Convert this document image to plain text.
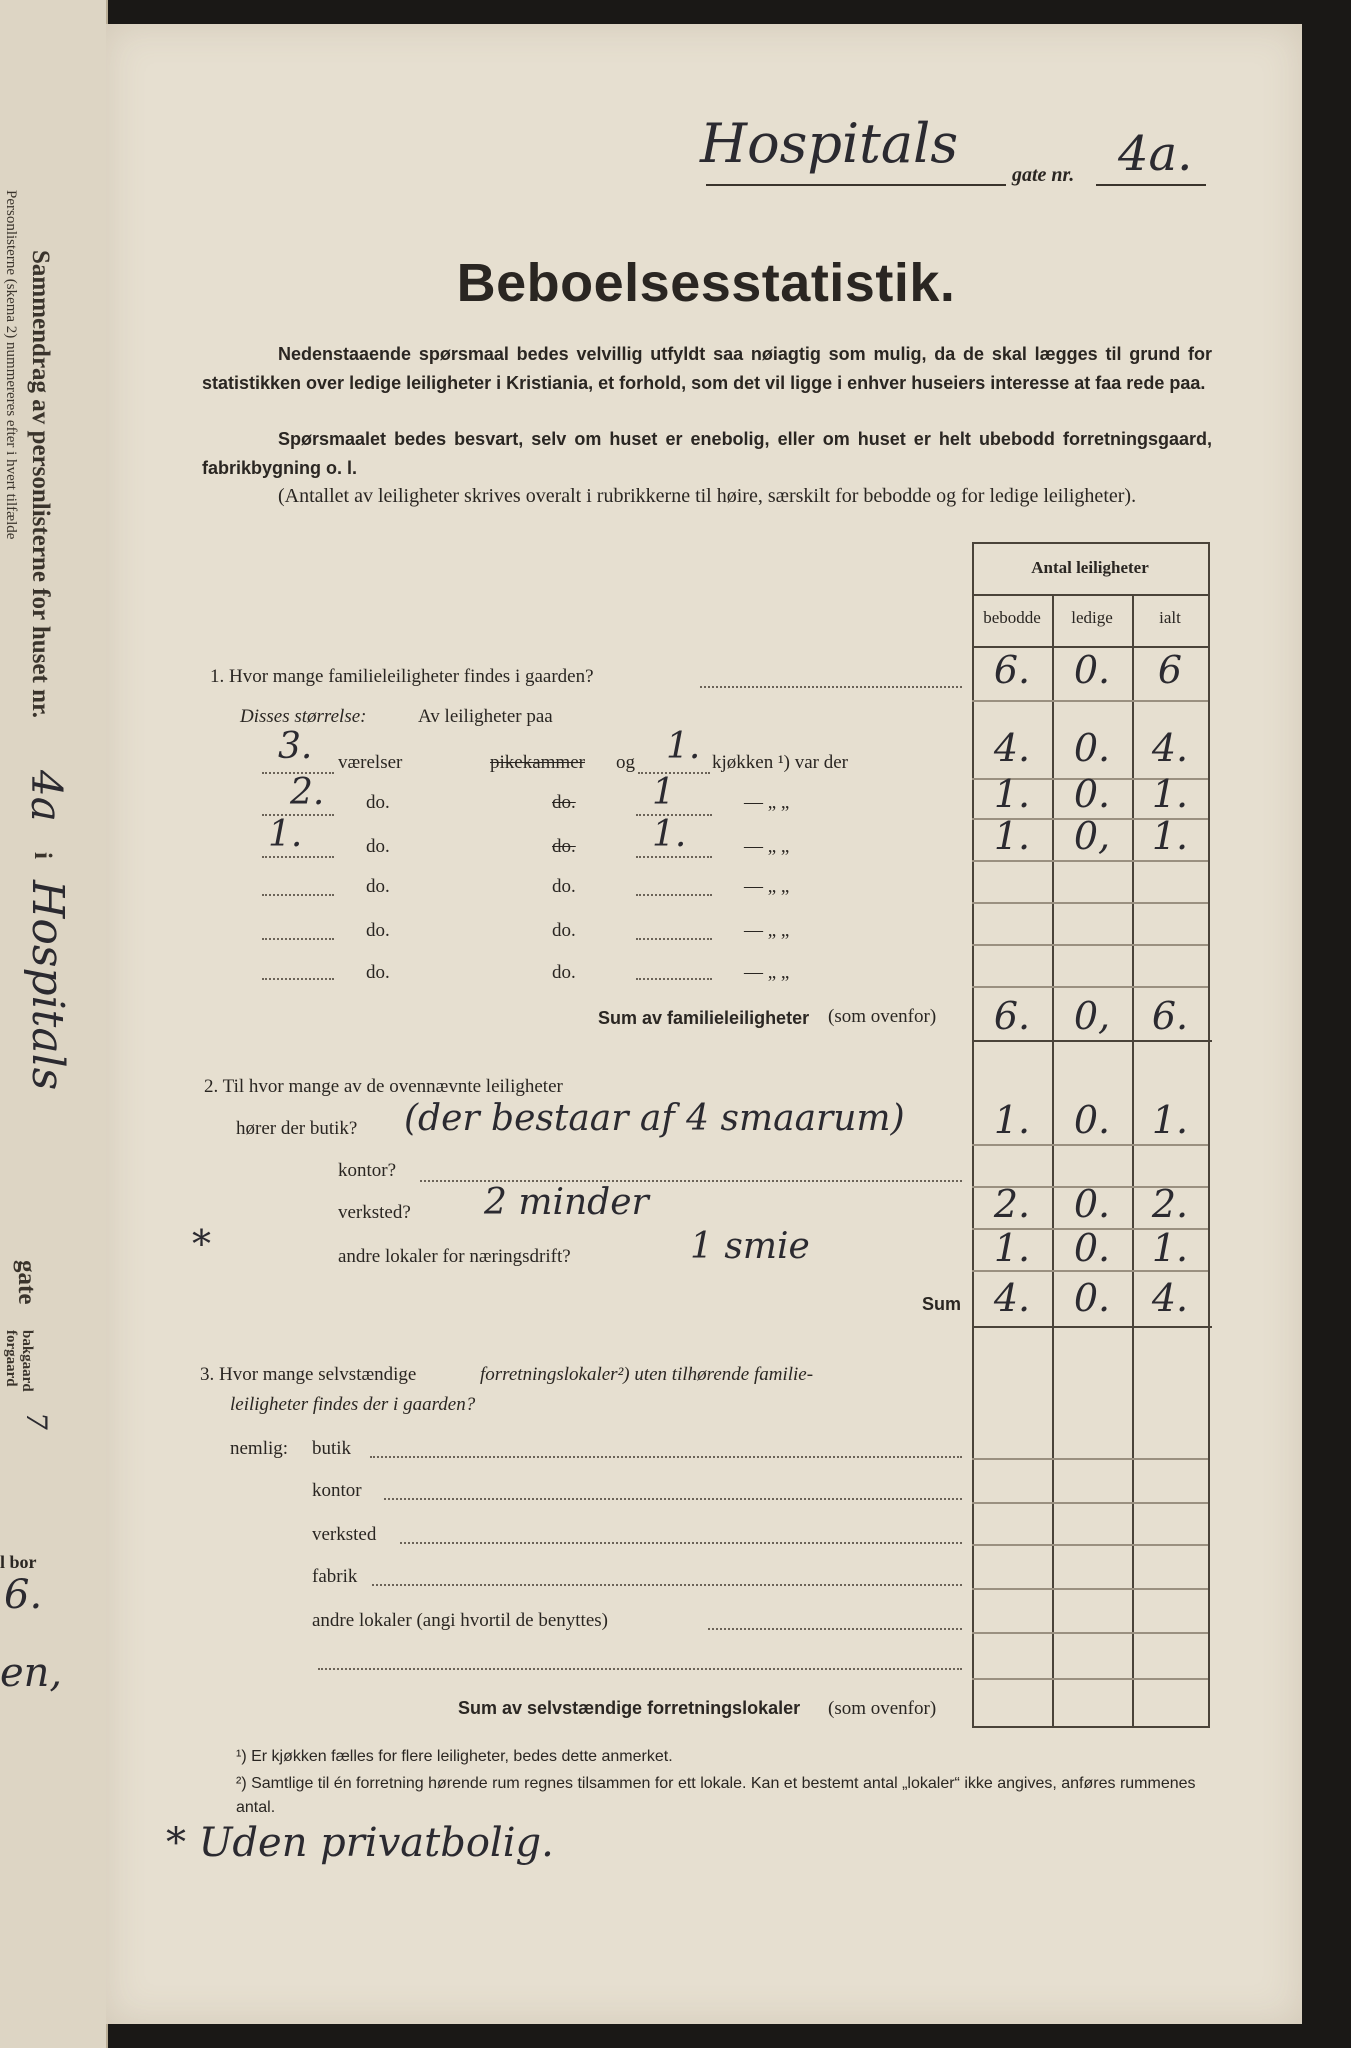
Personlisterne (skema 2) nummereres efter i hvert tilfælde Sammendrag av personlisterne for huset nr.
4a
i
Hospitals
gate
forgaard bakgaard
7
l bor
6.
en,
Hospitals	gate nr. 4a.
Beboelsesstatistik.
Nedenstaaende spørsmaal bedes velvillig utfyldt saa nøiagtig som mulig, da de skal lægges til grund for statistikken over ledige leiligheter i Kristiania, et forhold, som det vil ligge i enhver huseiers interesse at faa rede paa.
Spørsmaalet bedes besvart, selv om huset er enebolig, eller om huset er helt ubebodd forretningsgaard, fabrikbygning o. l.
(Antallet av leiligheter skrives overalt i rubrikkerne til høire, særskilt for bebodde og for ledige leiligheter).
Antal leiligheter
bebodde	ledige	ialt
1. Hvor mange familieleiligheter findes i gaarden?	6.	0.	6
Disses størrelse:	Av leiligheter paa
3. værelser	pikekammer og 1. kjøkken ¹) var der	4.	0.	4.
2. do.	do. 1	— „ „	1.	0.	1.
1.	do.	do. 1.	— „ „	1.	0,	1.
do.	do.	— „ „
do.	do.	— „ „
do.	do.	— „ „
Sum av familieleiligheter (som ovenfor)	6.	0,	6.
2. Til hvor mange av de ovennævnte leiligheter
hører der butik? (der bestaar af 4 smaarum)	1.	0.	1.
kontor?
verksted? 2 minder	2.	0.	2.
*	andre lokaler for næringsdrift?	1 smie	1.	0.	1.
Sum 4.	0.	4.
3. Hvor mange selvstændige	forretningslokaler²) uten tilhørende familie-
leiligheter findes der i gaarden?
nemlig: butik
kontor
verksted
fabrik
andre lokaler (angi hvortil de benyttes)
Sum av selvstændige forretningslokaler (som ovenfor)
¹) Er kjøkken fælles for flere leiligheter, bedes dette anmerket.
²) Samtlige til én forretning hørende rum regnes tilsammen for ett lokale. Kan et bestemt antal „lokaler“ ikke angives, anføres rummenes antal.
* Uden privatbolig.
